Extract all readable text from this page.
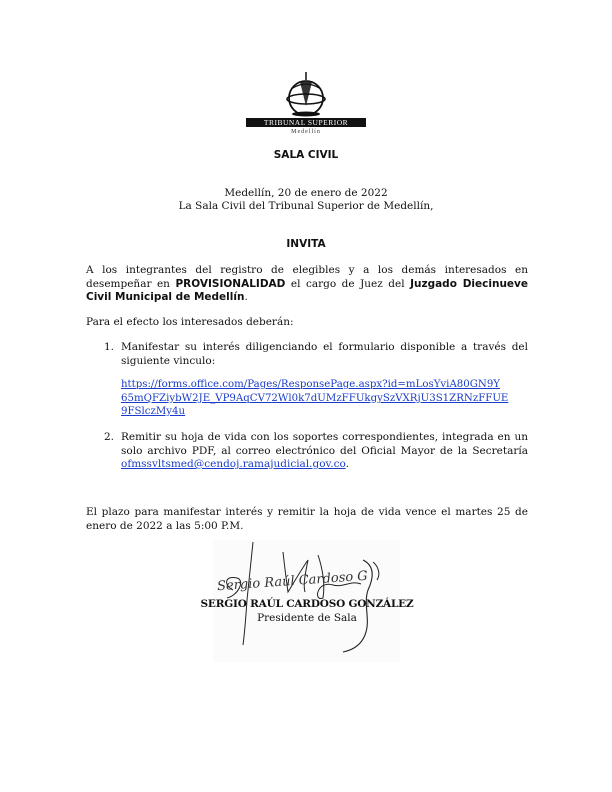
TRIBUNAL SUPERIOR
Medellín
SALA CIVIL
Medellín, 20 de enero de 2022
La Sala Civil del Tribunal Superior de Medellín,
INVITA
A los integrantes del registro de elegibles y a los demás interesados en desempeñar en PROVISIONALIDAD el cargo de Juez del Juzgado Diecinueve Civil Municipal de Medellín.
Para el efecto los interesados deberán:
1. Manifestar su interés diligenciando el formulario disponible a través del siguiente vinculo:
https://forms.office.com/Pages/ResponsePage.aspx?id=mLosYviA80GN9Y
65mQFZiybW2JE_VP9AqCV72Wl0k7dUMzFFUkgySzVXRjU3S1ZRNzFFUE
9FSlczMy4u
2. Remitir su hoja de vida con los soportes correspondientes, integrada en un solo archivo PDF, al correo electrónico del Oficial Mayor de la Secretaría ofmssvltsmed@cendoj.ramajudicial.gov.co.
El plazo para manifestar interés y remitir la hoja de vida vence el martes 25 de enero de 2022 a las 5:00 P.M.
Sergio Raúl Cardoso G
SERGIO RAÚL CARDOSO GONZÁLEZ
Presidente de Sala
